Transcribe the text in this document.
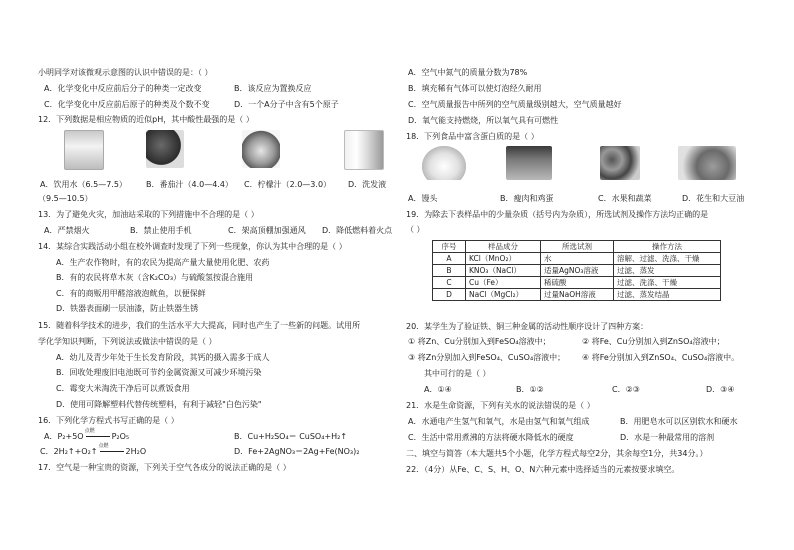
小明同学对该微观示意图的认识中错误的是：（ ）
A．化学变化中反应前后分子的种类一定改变	B．该反应为置换反应
C．化学变化中反应前后原子的种类及个数不变	D．一个A分子中含有5个原子
12．下列数据是相应物质的近似pH，其中酸性最强的是（ ）
A．饮用水（6.5—7.5） B．番茄汁（4.0—4.4） C．柠檬汁（2.0—3.0） D．洗发液
（9.5—10.5）
13．为了避免火灾，加油站采取的下列措施中不合理的是（ ）
A．严禁烟火	B．禁止使用手机	C．架高顶棚加强通风 D．降低燃料着火点
14．某综合实践活动小组在校外调查时发现了下列一些现象，你认为其中合理的是（ ）
A．生产农作物时，有的农民为提高产量大量使用化肥、农药
B．有的农民将草木灰（含K₂CO₃）与硫酸氢按混合施用
C．有的商贩用甲醛溶液泡鱿鱼，以便保鲜
D．铁器表面刷一层油漆，防止铁器生锈
15．随着科学技术的进步，我们的生活水平大大提高，同时也产生了一些新的问题。试用所
学化学知识判断，下列说法或做法中错误的是（ ）
A．幼儿及青少年处于生长发育阶段，其钙的摄入需多于成人
B．回收处理废旧电池既可节约金属资源又可减少环境污染
C．霉变大米淘洗干净后可以煮饭食用
D．使用可降解塑料代替传统塑料，有利于减轻"白色污染"
16．下列化学方程式书写正确的是（ ）
A．P₂+5O
点燃
P₂O₅	B．Cu+H₂SO₄＝ CuSO₄+H₂↑
C．2H₂↑+O₂↑
点燃
2H₂O	D．Fe+2AgNO₃＝2Ag+Fe(NO₃)₂
17．空气是一种宝贵的资源，下列关于空气各成分的说法正确的是（ ）
A．空气中氮气的质量分数为78%
B．填充稀有气体可以使灯泡经久耐用
C．空气质量报告中所列的空气质量级别越大，空气质量越好
D．氧气能支持燃烧，所以氧气具有可燃性
18．下列食品中富含蛋白质的是（ ）
A．馒头	B．瘦肉和鸡蛋	C．水果和蔬菜	D．花生和大豆油
19．为除去下表样品中的少量杂质（括号内为杂质），所选试剂及操作方法均正确的是
（ ）
序号	样品成分	所选试剂	操作方法
A	KCl（MnO₂）	水	溶解、过滤、洗涤、干燥
B	KNO₃（NaCl）	适量AgNO₃溶液	过滤、蒸发
C	Cu（Fe）	稀硫酸	过滤、洗涤、干燥
D	NaCl（MgCl₂）	过量NaOH溶液	过滤、蒸发结晶
20．某学生为了验证铁、铜三种金属的活动性顺序设计了四种方案：
① 将Zn、Cu分别加入到FeSO₄溶液中；	② 将Fe、Cu分别加入到ZnSO₄溶液中；
③ 将Zn分别加入到FeSO₄、CuSO₄溶液中； ④ 将Fe分别加入到ZnSO₄、CuSO₄溶液中。
其中可行的是（ ）
A．①④	B．①②	C．②③	D．③④
21．水是生命资源，下列有关水的说法错误的是（ ）
A．水通电产生氢气和氧气，水是由氢气和氧气组成	B．用肥皂水可以区别软水和硬水
C．生活中常用煮沸的方法将硬水降低水的硬度	D．水是一种最常用的溶剂
二、填空与简答（本大题共5个小题，化学方程式每空2分，其余每空1分，共34分。）
22．（4分）从Fe、C、S、H、O、N六种元素中选择适当的元素按要求填空。
